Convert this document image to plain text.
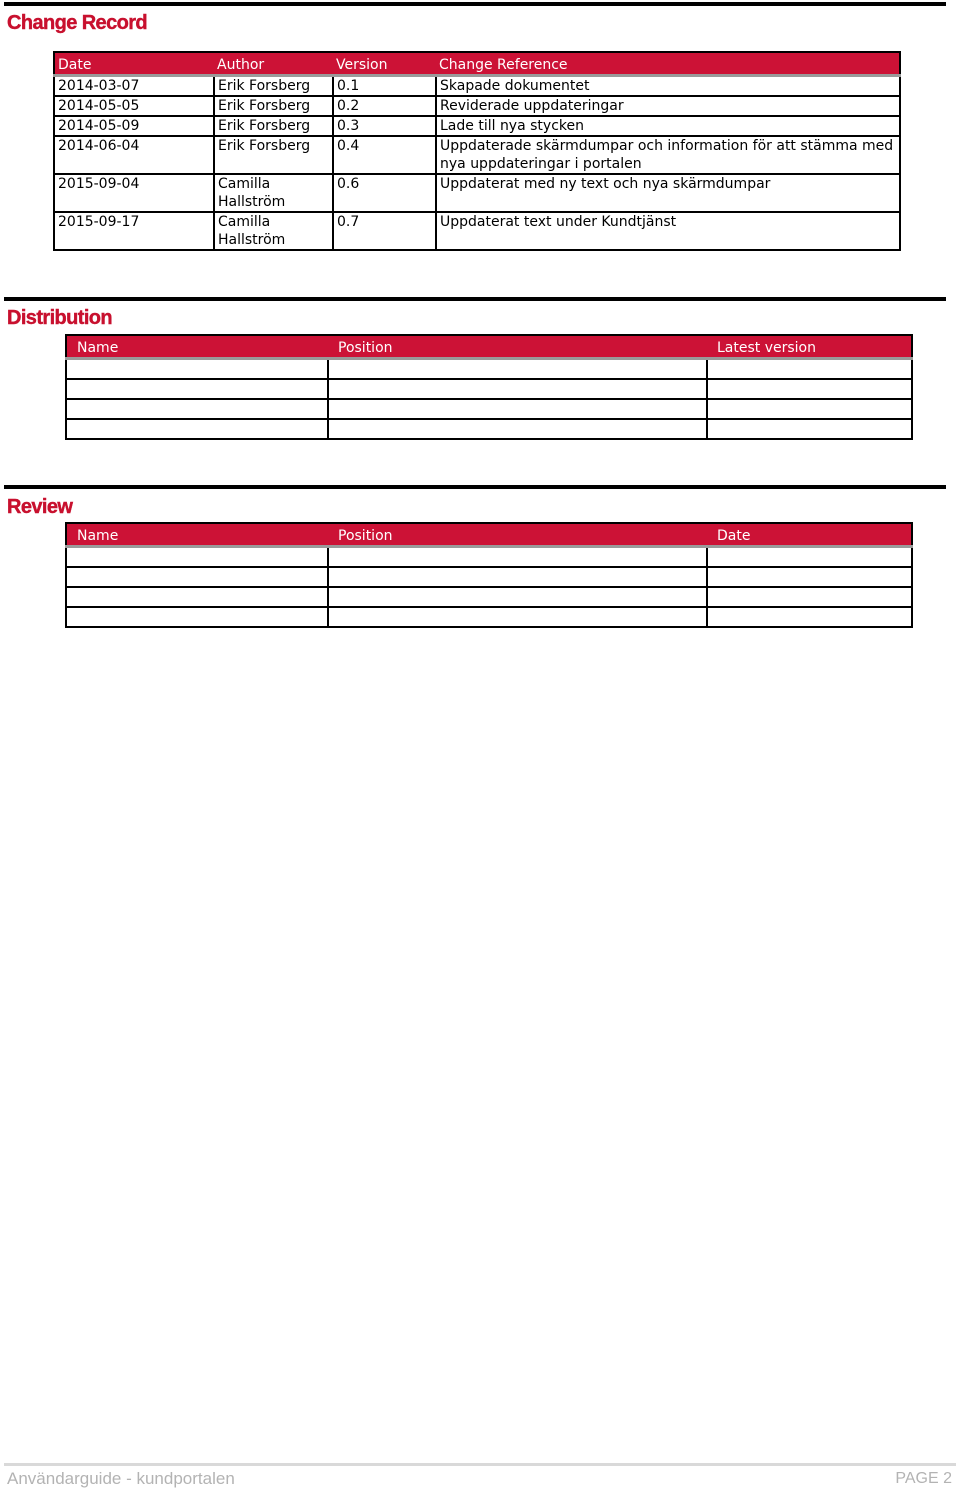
Change Record
Date	Author	Version	Change Reference
2014-03-07	Erik Forsberg	0.1	Skapade dokumentet
2014-05-05	Erik Forsberg	0.2	Reviderade uppdateringar
2014-05-09	Erik Forsberg	0.3	Lade till nya stycken
2014-06-04	Erik Forsberg	0.4	Uppdaterade skärmdumpar och information för att stämma med nya uppdateringar i portalen
2015-09-04	Camilla Hallström	0.6	Uppdaterat med ny text och nya skärmdumpar
2015-09-17	Camilla Hallström	0.7	Uppdaterat text under Kundtjänst
Distribution
Name	Position	Latest version

Review
Name	Position	Date

Användarguide - kundportalen	PAGE 2
